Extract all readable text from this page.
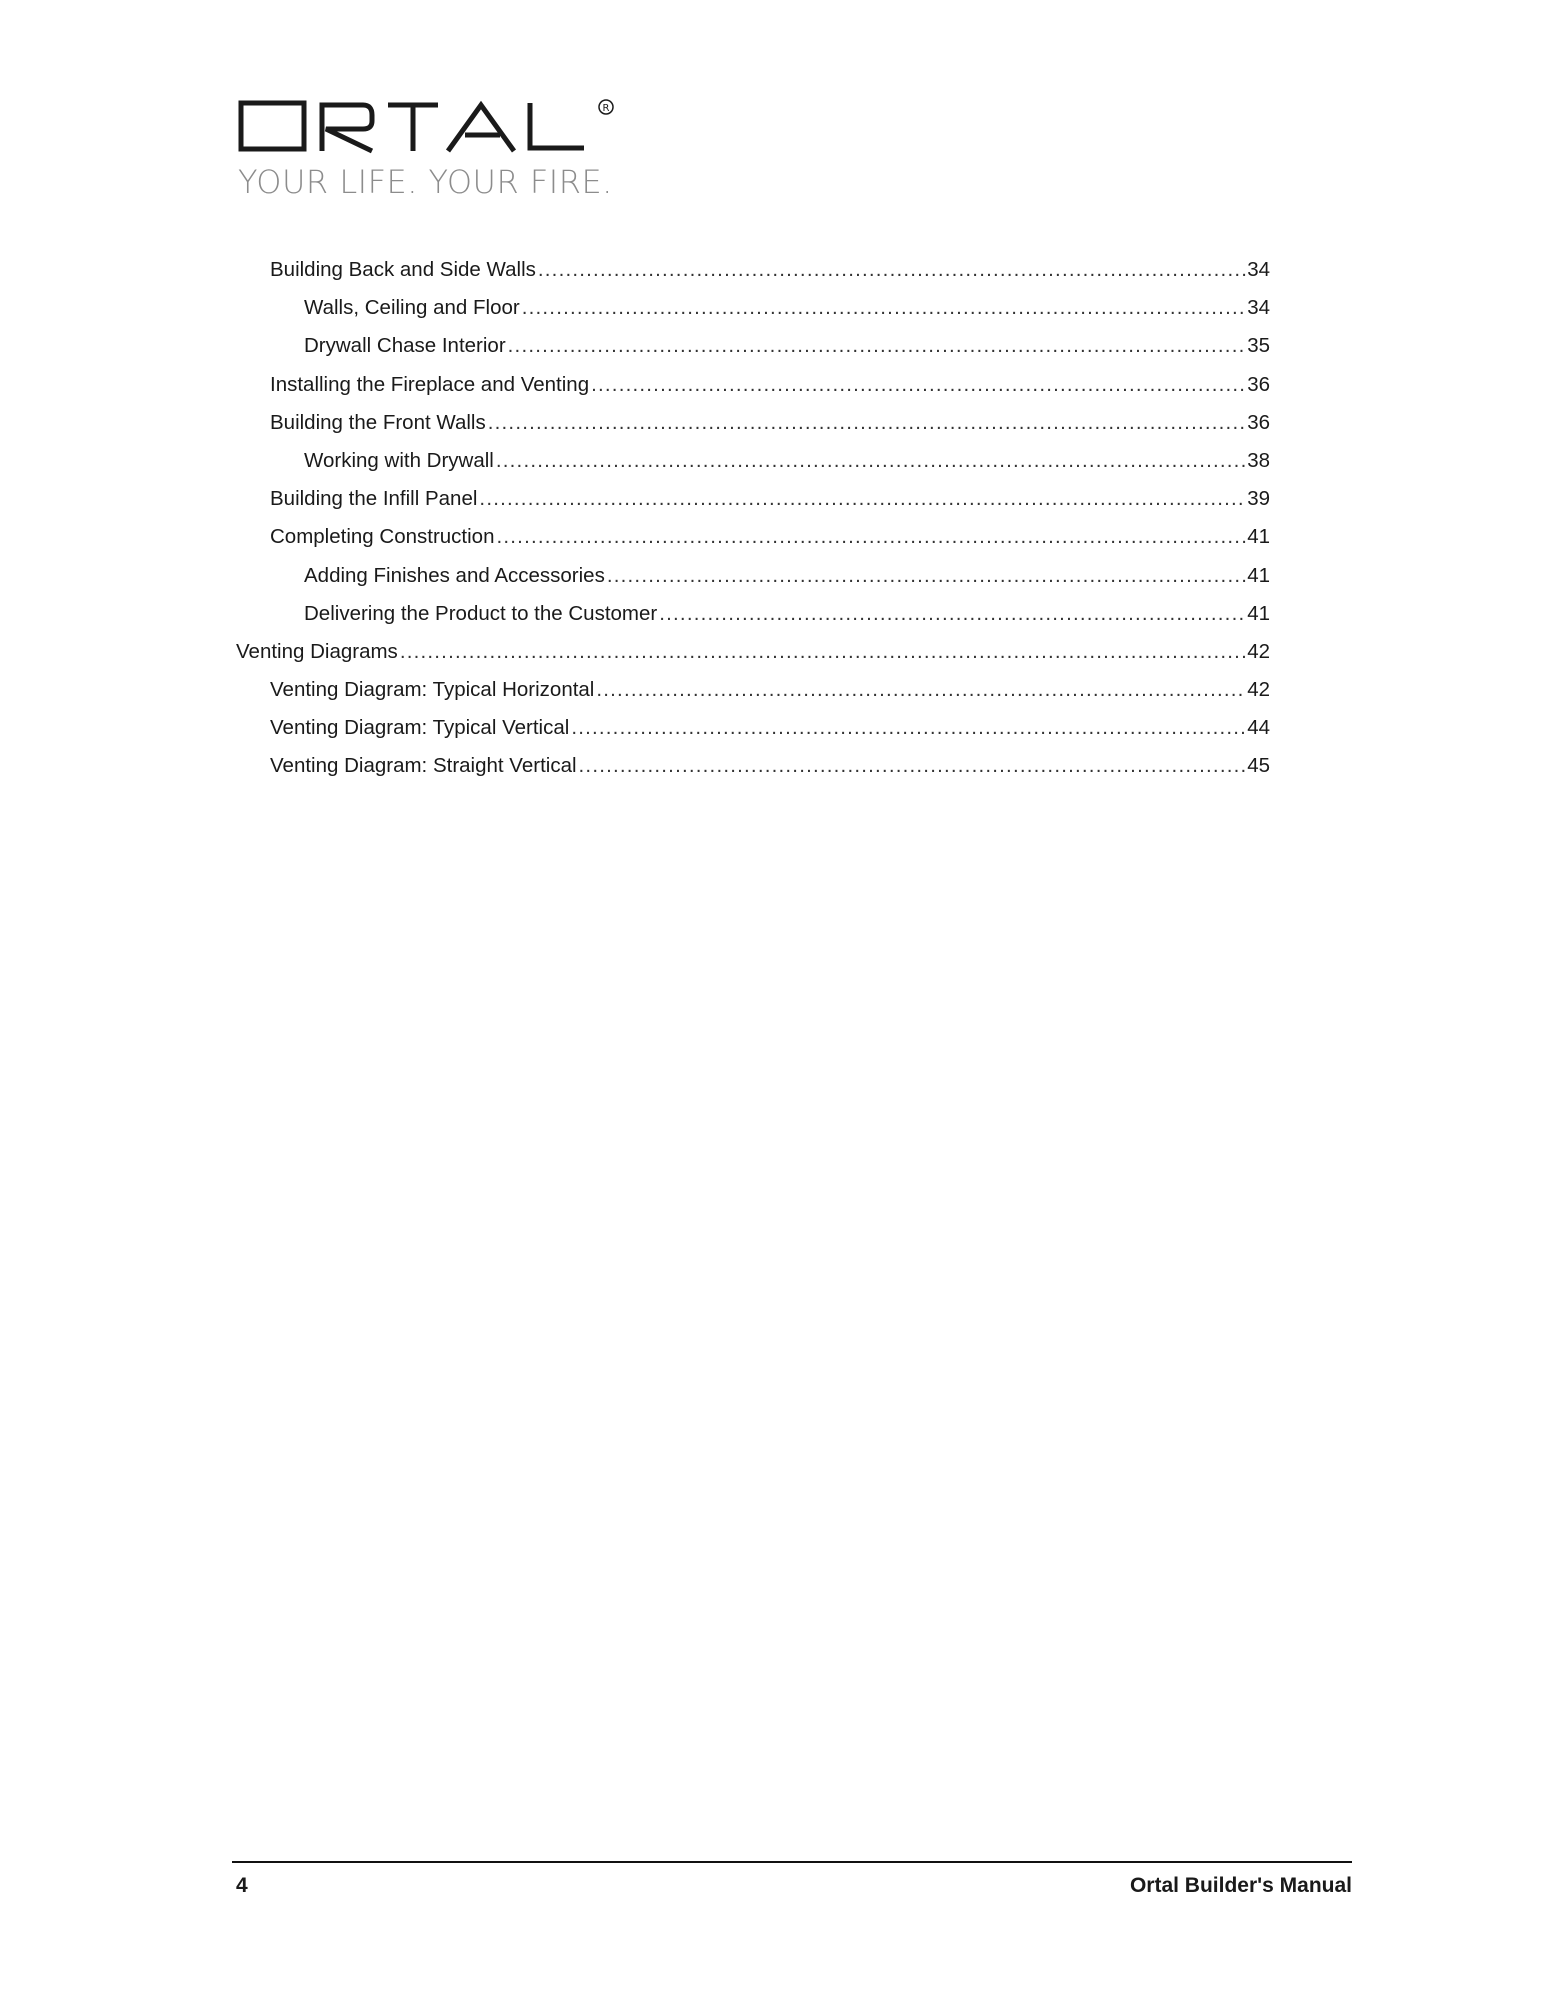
R
YOUR LIFE. YOUR FIRE.
Building Back and Side Walls .....	34
Walls, Ceiling and Floor .....	34
Drywall Chase Interior .....	35
Installing the Fireplace and Venting .....	36
Building the Front Walls .....	36
Working with Drywall .....	38
Building the Infill Panel .....	39
Completing Construction .....	41
Adding Finishes and Accessories .....	41
Delivering the Product to the Customer .....	41
Venting Diagrams .....	42
Venting Diagram: Typical Horizontal .....	42
Venting Diagram: Typical Vertical .....	44
Venting Diagram: Straight Vertical .....	45
4	Ortal Builder's Manual
